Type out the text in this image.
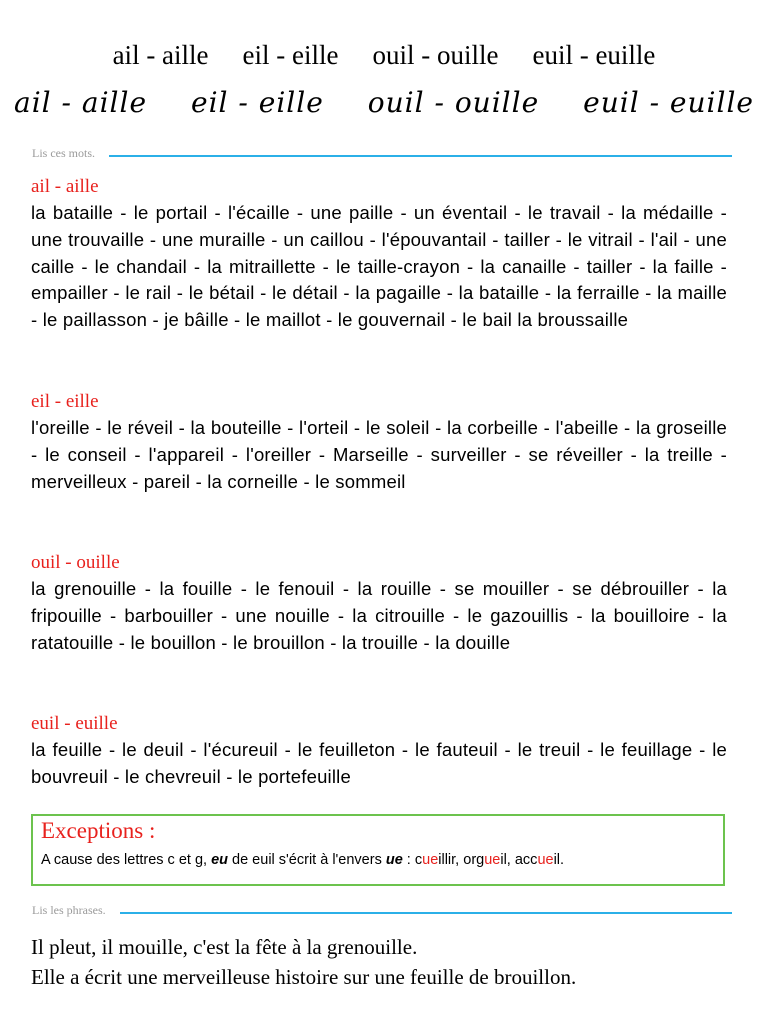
ail - aille eil - eille ouil - ouille euil - euille
ail - aille eil - eille ouil - ouille euil - euille
Lis ces mots.
ail - aille

la bataille - le portail - l'écaille - une paille - un éventail - le travail - la médaille - une trouvaille - une muraille - un caillou - l'épouvantail - tailler - le vitrail - l'ail - une caille - le chandail - la mitraillette - le taille-crayon - la canaille - tailler - la faille - empailler - le rail - le bétail - le détail - la pagaille - la bataille - la ferraille - la maille - le paillasson - je bâille - le maillot - le gouvernail - le bail la broussaille

eil - eille

l'oreille - le réveil - la bouteille - l'orteil - le soleil - la corbeille - l'abeille - la groseille - le conseil - l'appareil - l'oreiller - Marseille - surveiller - se réveiller - la treille - merveilleux - pareil - la corneille - le sommeil

ouil - ouille

la grenouille - la fouille - le fenouil - la rouille - se mouiller - se débrouiller - la fripouille - barbouiller - une nouille - la citrouille - le gazouillis - la bouilloire - la ratatouille - le bouillon - le brouillon - la trouille - la douille

euil - euille

la feuille - le deuil - l'écureuil - le feuilleton - le fauteuil - le treuil - le feuillage - le bouvreuil - le chevreuil - le portefeuille

Exceptions :
A cause des lettres c et g, eu de euil s'écrit à l'envers ue : cueillir, orgueil, accueil.
Lis les phrases.
Il pleut, il mouille, c'est la fête à la grenouille.
Elle a écrit une merveilleuse histoire sur une feuille de brouillon.
